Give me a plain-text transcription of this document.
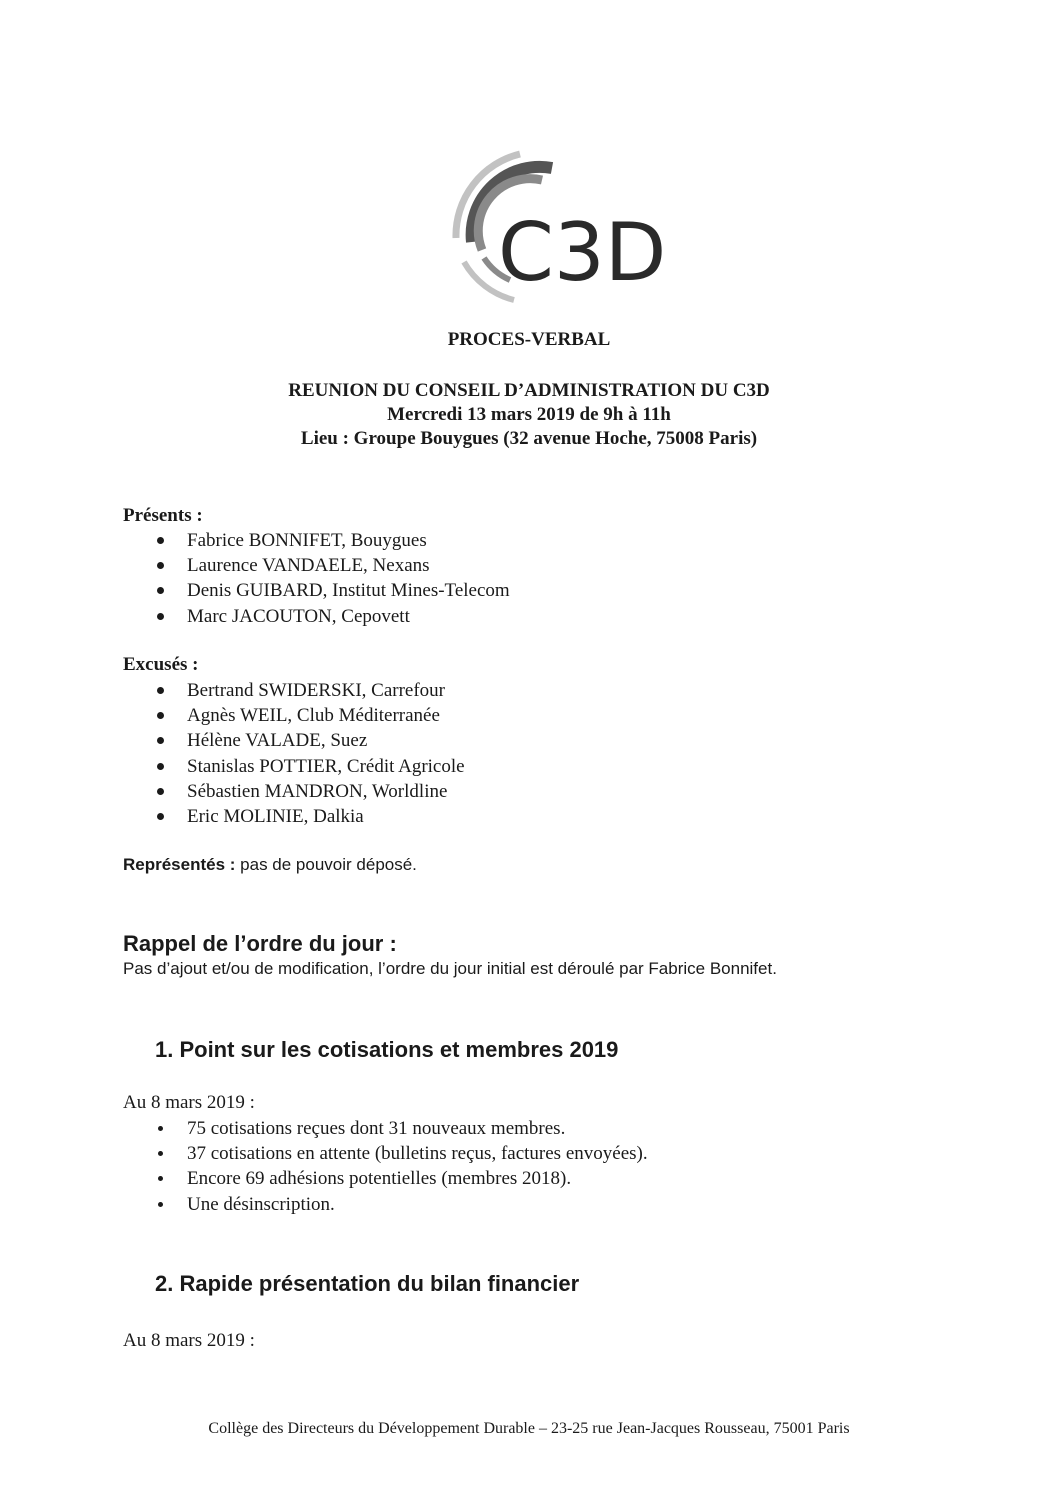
C3D
PROCES-VERBAL
REUNION DU CONSEIL D’ADMINISTRATION DU C3D
Mercredi 13 mars 2019 de 9h à 11h
Lieu : Groupe Bouygues (32 avenue Hoche, 75008 Paris)
Présents :
Fabrice BONNIFET, Bouygues
Laurence VANDAELE, Nexans
Denis GUIBARD, Institut Mines-Telecom
Marc JACOUTON, Cepovett
Excusés :
Bertrand SWIDERSKI, Carrefour
Agnès WEIL, Club Méditerranée
Hélène VALADE, Suez
Stanislas POTTIER, Crédit Agricole
Sébastien MANDRON, Worldline
Eric MOLINIE, Dalkia
Représentés : pas de pouvoir déposé.
Rappel de l’ordre du jour :
Pas d’ajout et/ou de modification, l’ordre du jour initial est déroulé par Fabrice Bonnifet.
1. Point sur les cotisations et membres 2019
Au 8 mars 2019 :
75 cotisations reçues dont 31 nouveaux membres.
37 cotisations en attente (bulletins reçus, factures envoyées).
Encore 69 adhésions potentielles (membres 2018).
Une désinscription.
2. Rapide présentation du bilan financier
Au 8 mars 2019 :
Collège des Directeurs du Développement Durable – 23-25 rue Jean-Jacques Rousseau, 75001 Paris
